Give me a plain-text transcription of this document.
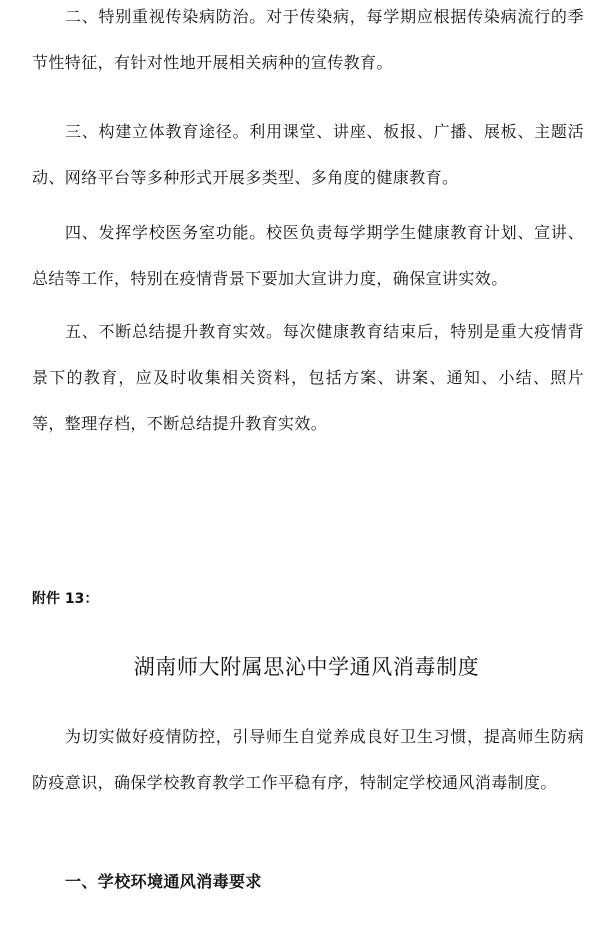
二、特别重视传染病防治。对于传染病，每学期应根据传染病流行的季节性特征，有针对性地开展相关病种的宣传教育。

三、构建立体教育途径。利用课堂、讲座、板报、广播、展板、主题活动、网络平台等多种形式开展多类型、多角度的健康教育。

四、发挥学校医务室功能。校医负责每学期学生健康教育计划、宣讲、总结等工作，特别在疫情背景下要加大宣讲力度，确保宣讲实效。

五、不断总结提升教育实效。每次健康教育结束后，特别是重大疫情背景下的教育，应及时收集相关资料，包括方案、讲案、通知、小结、照片等，整理存档，不断总结提升教育实效。

附件 13：

湖南师大附属思沁中学通风消毒制度

为切实做好疫情防控，引导师生自觉养成良好卫生习惯，提高师生防病防疫意识，确保学校教育教学工作平稳有序，特制定学校通风消毒制度。

一、学校环境通风消毒要求
